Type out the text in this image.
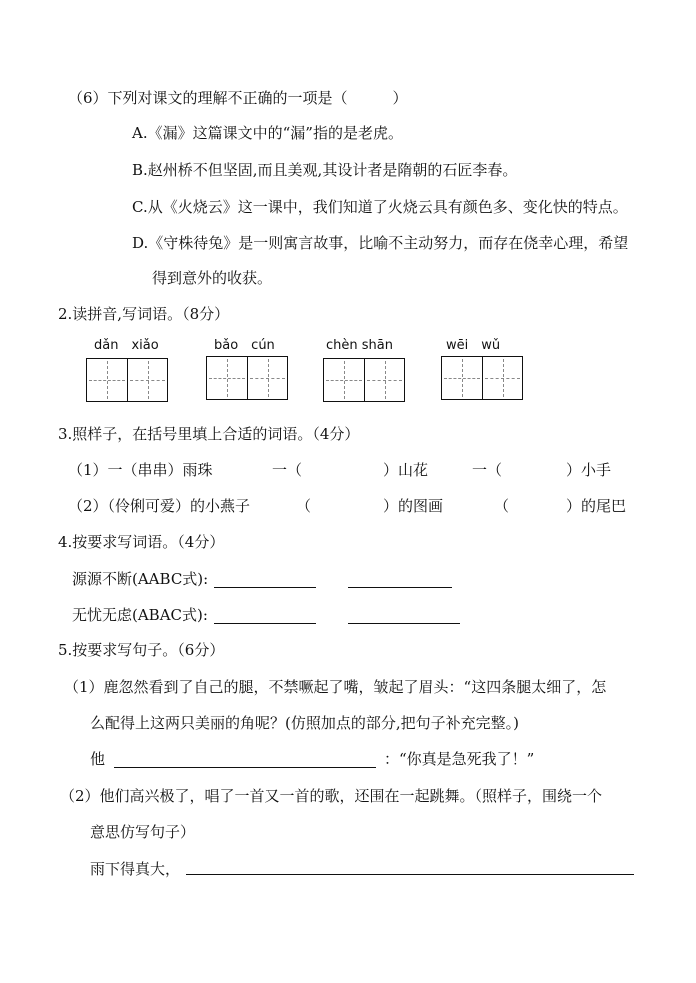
（6）下列对课文的理解不正确的一项是（　　　）
A.《漏》这篇课文中的“漏”指的是老虎。
B.赵州桥不但坚固,而且美观,其设计者是隋朝的石匠李春。
C.从《火烧云》这一课中，我们知道了火烧云具有颜色多、变化快的特点。
D.《守株待兔》是一则寓言故事，比喻不主动努力，而存在侥幸心理，希望
得到意外的收获。
2.读拼音,写词语。（8分）
dǎn　xiǎo	bǎo　cún	chèn shān	wēi　wǔ
3.照样子，在括号里填上合适的词语。（4分）
（1）一（串串）雨珠	一（	）山花	一（	）小手
（2）（伶俐可爱）的小燕子	（	）的图画	（	）的尾巴
4.按要求写词语。（4分）
源源不断(AABC式):
无忧无虑(ABAC式):
5.按要求写句子。（6分）
（1）鹿忽然看到了自己的腿，不禁噘起了嘴，皱起了眉头：“这四条腿太细了，怎
么配得上这两只美丽的角呢？(仿照加点的部分,把句子补充完整。)
他	：“你真是急死我了！”
（2）他们高兴极了，唱了一首又一首的歌，还围在一起跳舞。（照样子，围绕一个
意思仿写句子）
雨下得真大，
